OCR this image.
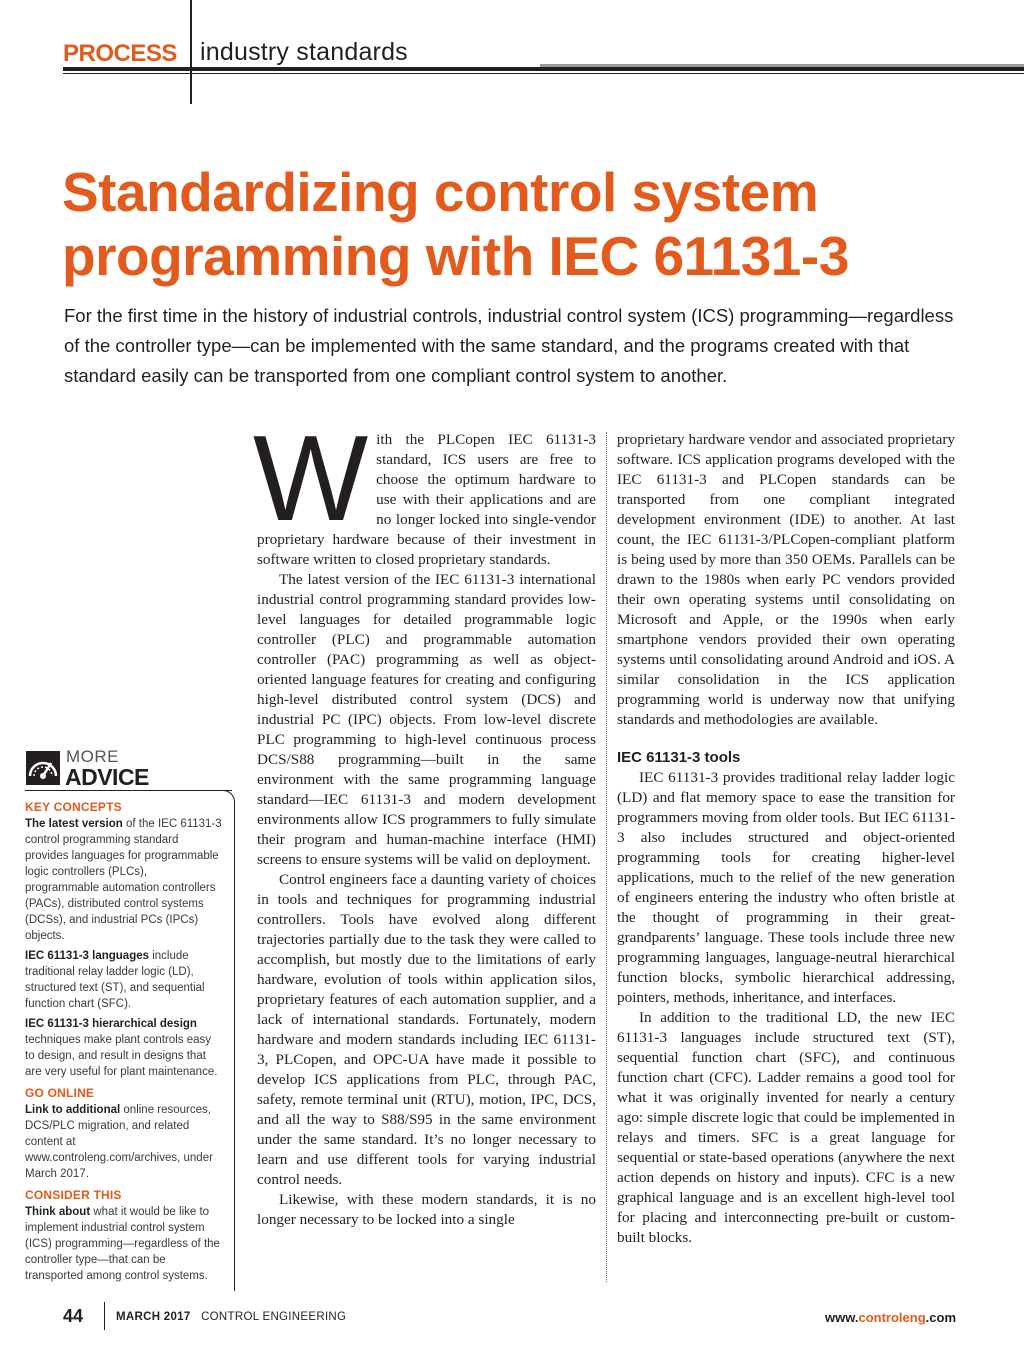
PROCESS industry standards
Standardizing control system programming with IEC 61131-3

For the first time in the history of industrial controls, industrial control system (ICS) programming—regardless of the controller type—can be implemented with the same standard, and the programs created with that standard easily can be transported from one compliant control system to another.

With the PLCopen IEC 61131-3 standard, ICS users are free to choose the optimum hardware to use with their applications and are no longer locked into single-vendor proprietary hardware because of their investment in software written to closed proprietary standards.

The latest version of the IEC 61131-3 international industrial control programming standard provides low-level languages for detailed programmable logic controller (PLC) and programmable automation controller (PAC) programming as well as object-oriented language features for creating and configuring high-level distributed control system (DCS) and industrial PC (IPC) objects. From low-level discrete PLC programming to high-level continuous process DCS/S88 programming—built in the same environment with the same programming language standard—IEC 61131-3 and modern development environments allow ICS programmers to fully simulate their program and human-machine interface (HMI) screens to ensure systems will be valid on deployment.

Control engineers face a daunting variety of choices in tools and techniques for programming industrial controllers. Tools have evolved along different trajectories partially due to the task they were called to accomplish, but mostly due to the limitations of early hardware, evolution of tools within application silos, proprietary features of each automation supplier, and a lack of international standards. Fortunately, modern hardware and modern standards including IEC 61131-3, PLCopen, and OPC-UA have made it possible to develop ICS applications from PLC, through PAC, safety, remote terminal unit (RTU), motion, IPC, DCS, and all the way to S88/S95 in the same environment under the same standard. It’s no longer necessary to learn and use different tools for varying industrial control needs.

Likewise, with these modern standards, it is no longer necessary to be locked into a single

proprietary hardware vendor and associated proprietary software. ICS application programs developed with the IEC 61131-3 and PLCopen standards can be transported from one compliant integrated development environment (IDE) to another. At last count, the IEC 61131-3/PLCopen-compliant platform is being used by more than 350 OEMs. Parallels can be drawn to the 1980s when early PC vendors provided their own operating systems until consolidating on Microsoft and Apple, or the 1990s when early smartphone vendors provided their own operating systems until consolidating around Android and iOS. A similar consolidation in the ICS application programming world is underway now that unifying standards and methodologies are available.

IEC 61131-3 tools

IEC 61131-3 provides traditional relay ladder logic (LD) and flat memory space to ease the transition for programmers moving from older tools. But IEC 61131-3 also includes structured and object-oriented programming tools for creating higher-level applications, much to the relief of the new generation of engineers entering the industry who often bristle at the thought of programming in their great-grandparents’ language. These tools include three new programming languages, language-neutral hierarchical function blocks, symbolic hierarchical addressing, pointers, methods, inheritance, and interfaces.

In addition to the traditional LD, the new IEC 61131-3 languages include structured text (ST), sequential function chart (SFC), and continuous function chart (CFC). Ladder remains a good tool for what it was originally invented for nearly a century ago: simple discrete logic that could be implemented in relays and timers. SFC is a great language for sequential or state-based operations (anywhere the next action depends on history and inputs). CFC is a new graphical language and is an excellent high-level tool for placing and interconnecting pre-built or custom-built blocks.

MORE
ADVICE
KEY CONCEPTS

The latest version of the IEC 61131-3 control programming standard provides languages for programmable logic controllers (PLCs), programmable automation controllers (PACs), distributed control systems (DCSs), and industrial PCs (IPCs) objects.

IEC 61131-3 languages include traditional relay ladder logic (LD), structured text (ST), and sequential function chart (SFC).

IEC 61131-3 hierarchical design techniques make plant controls easy to design, and result in designs that are very useful for plant maintenance.

GO ONLINE

Link to additional online resources, DCS/PLC migration, and related content at www.controleng.com/archives, under March 2017.

CONSIDER THIS

Think about what it would be like to implement industrial control system (ICS) programming—regardless of the controller type—that can be transported among control systems.

44	MARCH 2017 CONTROL ENGINEERING	www.controleng.com
